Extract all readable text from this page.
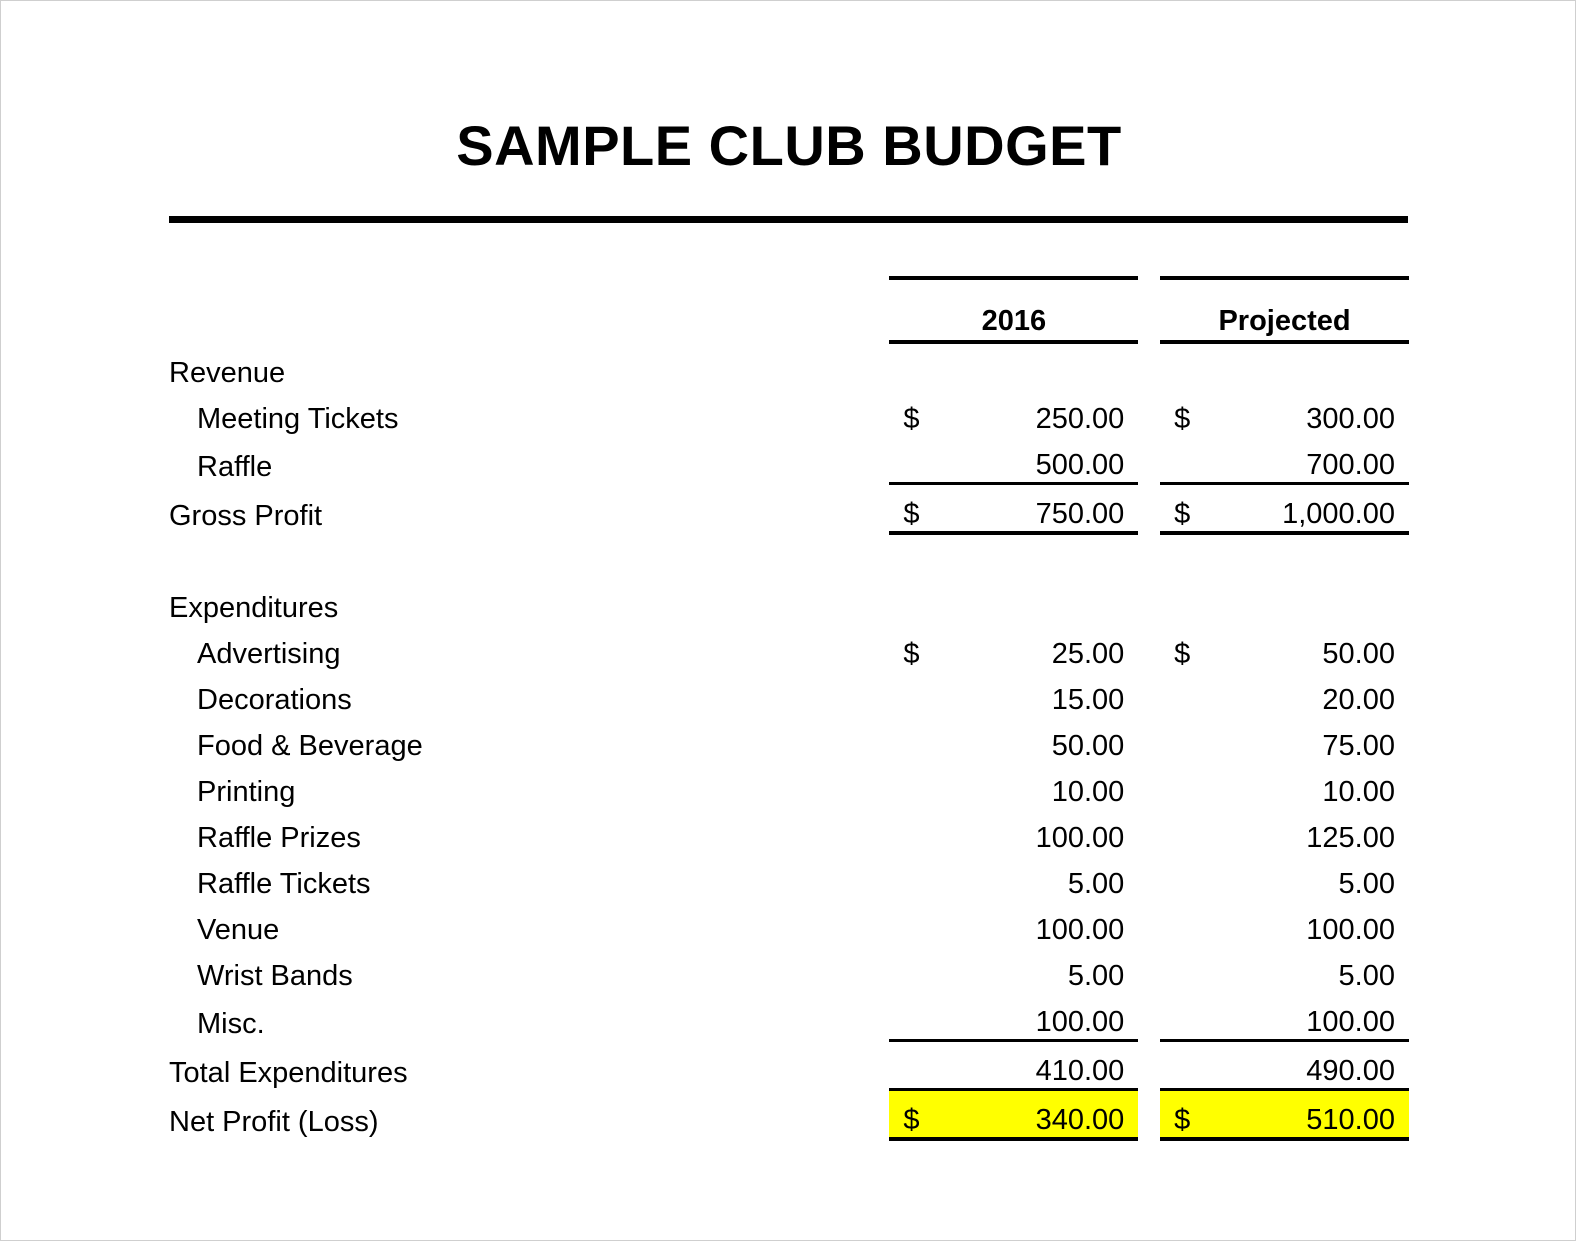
SAMPLE CLUB BUDGET
	2016			Projected	
Revenue					
Meeting Tickets	$	250.00		$	300.00
Raffle		500.00			700.00
Gross Profit	$	750.00		$	1,000.00

Expenditures					
Advertising	$	25.00		$	50.00
Decorations		15.00			20.00
Food & Beverage		50.00			75.00
Printing		10.00			10.00
Raffle Prizes		100.00			125.00
Raffle Tickets		5.00			5.00
Venue		100.00			100.00
Wrist Bands		5.00			5.00
Misc.		100.00			100.00
Total Expenditures		410.00			490.00
Net Profit (Loss)	$	340.00		$	510.00
